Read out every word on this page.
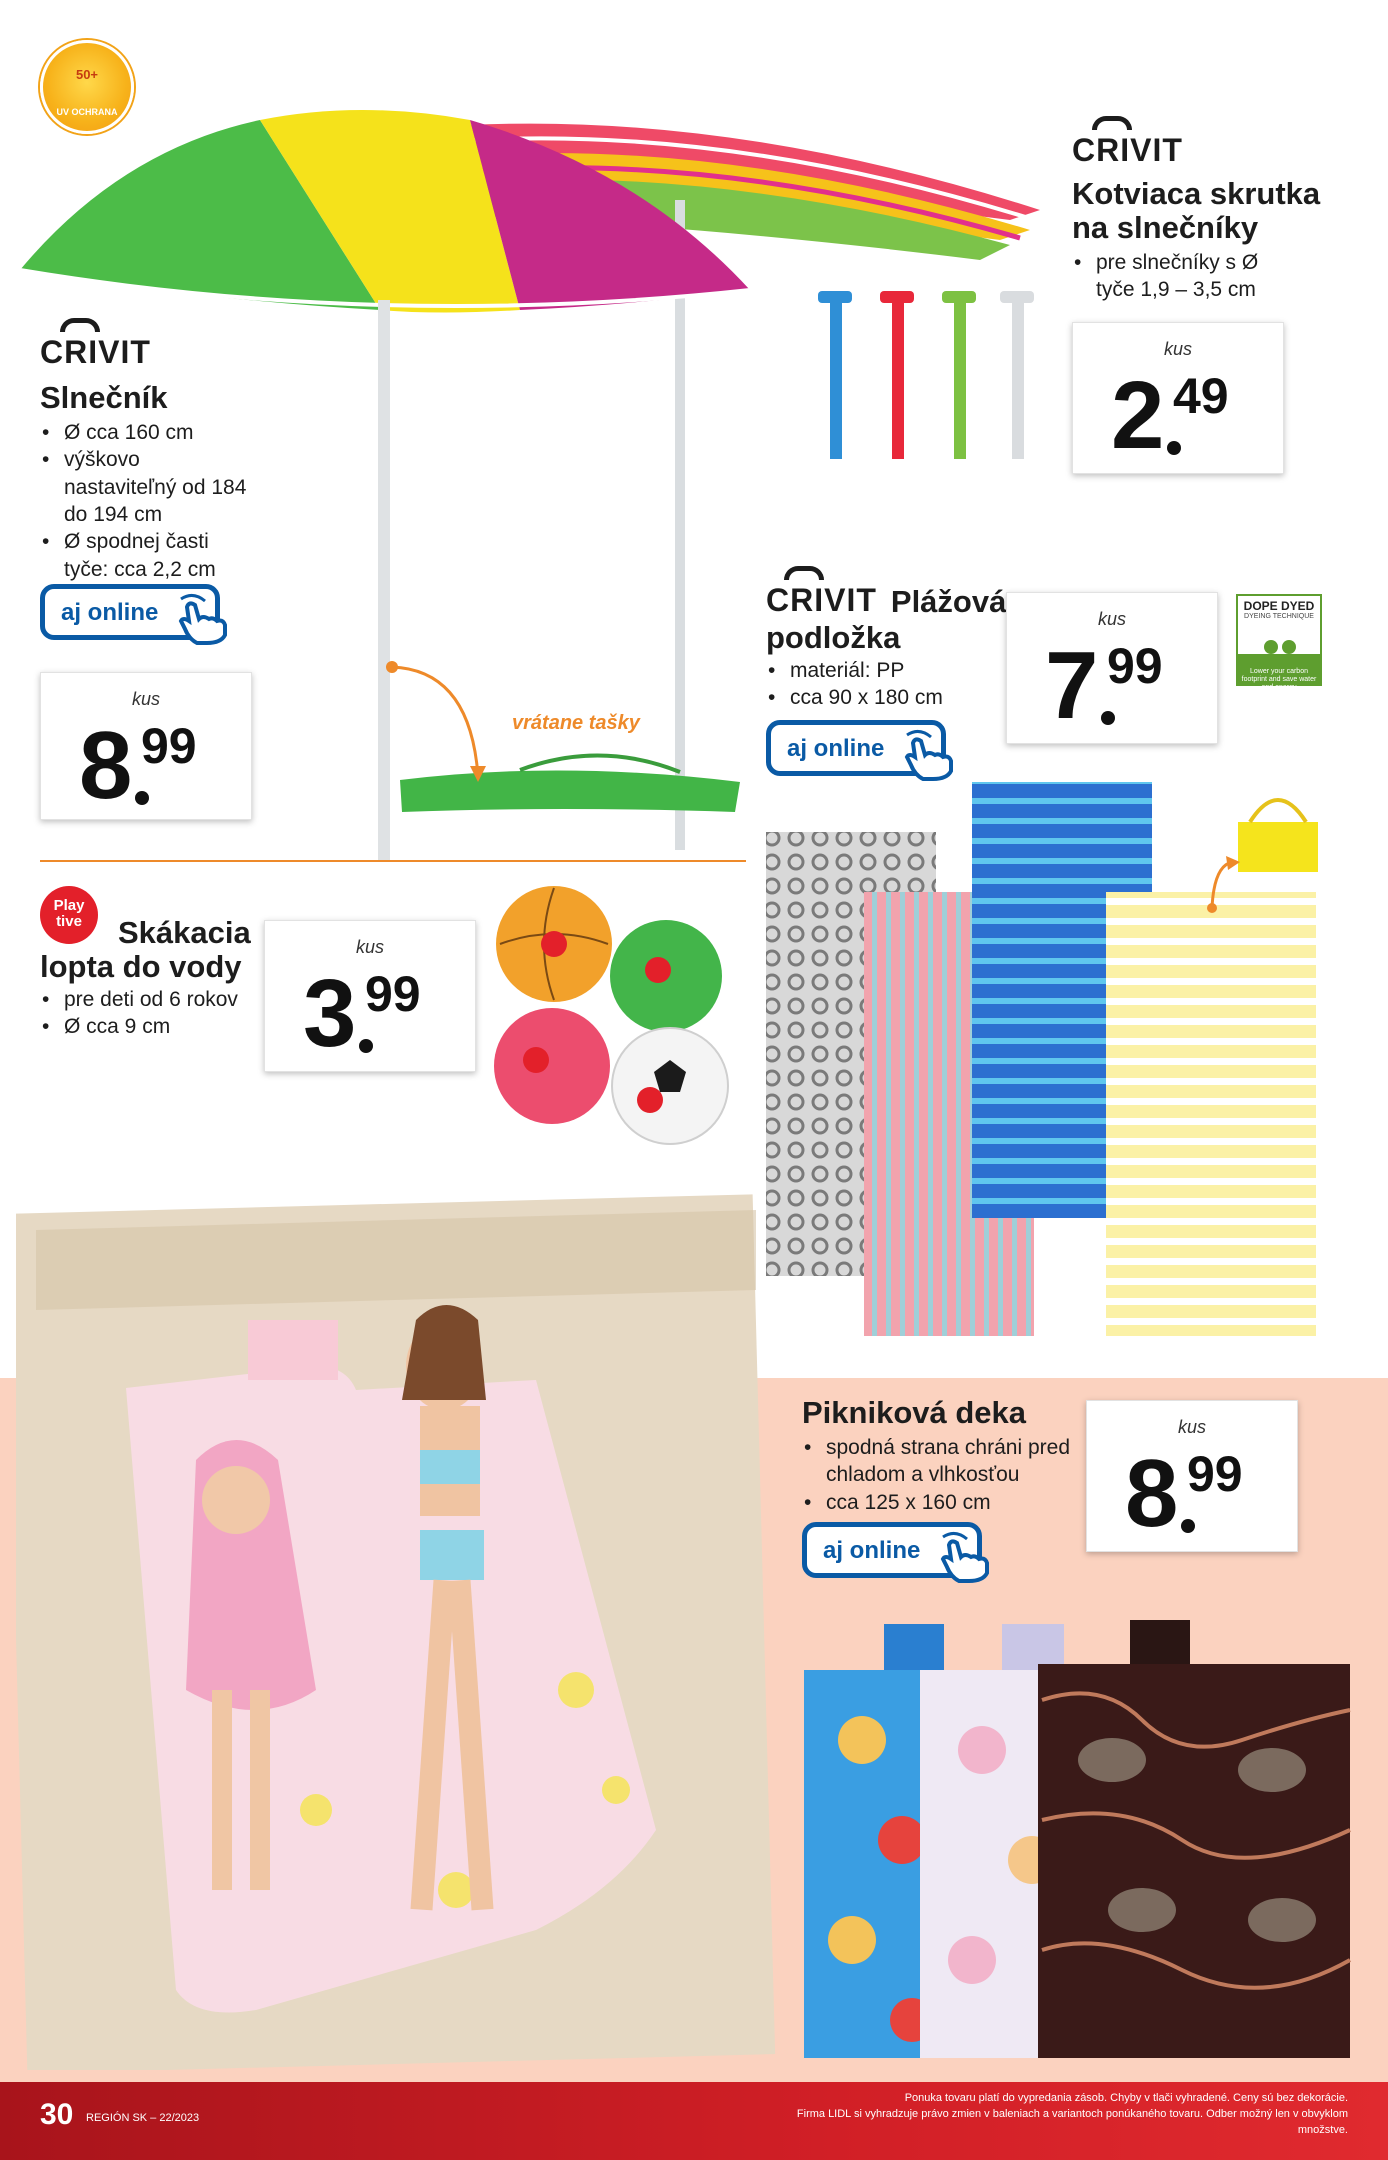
50+
UV OCHRANA
CRIVIT
Slnečník
• Ø cca 160 cm
• výškovo nastaviteľný od 184 do 194 cm
• Ø spodnej časti tyče: cca 2,2 cm
aj online
kus
8 99	vrátane tašky
CRIVIT
Kotviaca skrutka
na slnečníky
• pre slnečníky s Ø tyče 1,9 – 3,5 cm
kus
2 49
CRIVIT Plážová
podložka
• materiál: PP
• cca 90 x 180 cm
aj online
kus
7 99
DOPE DYED
DYEING TECHNIQUE
Lower your carbon footprint and save water and energy
Play tive	Skákacia
lopta do vody
• pre deti od 6 rokov
• Ø cca 9 cm
kus
3 99
Pikniková deka
• spodná strana chráni pred chladom a vlhkosťou
• cca 125 x 160 cm
kus
8 99
aj online
30 REGIÓN SK – 22/2023
Ponuka tovaru platí do vypredania zásob. Chyby v tlači vyhradené. Ceny sú bez dekorácie.
Firma LIDL si vyhradzuje právo zmien v baleniach a variantoch ponúkaného tovaru. Odber možný len v obvyklom množstve.
